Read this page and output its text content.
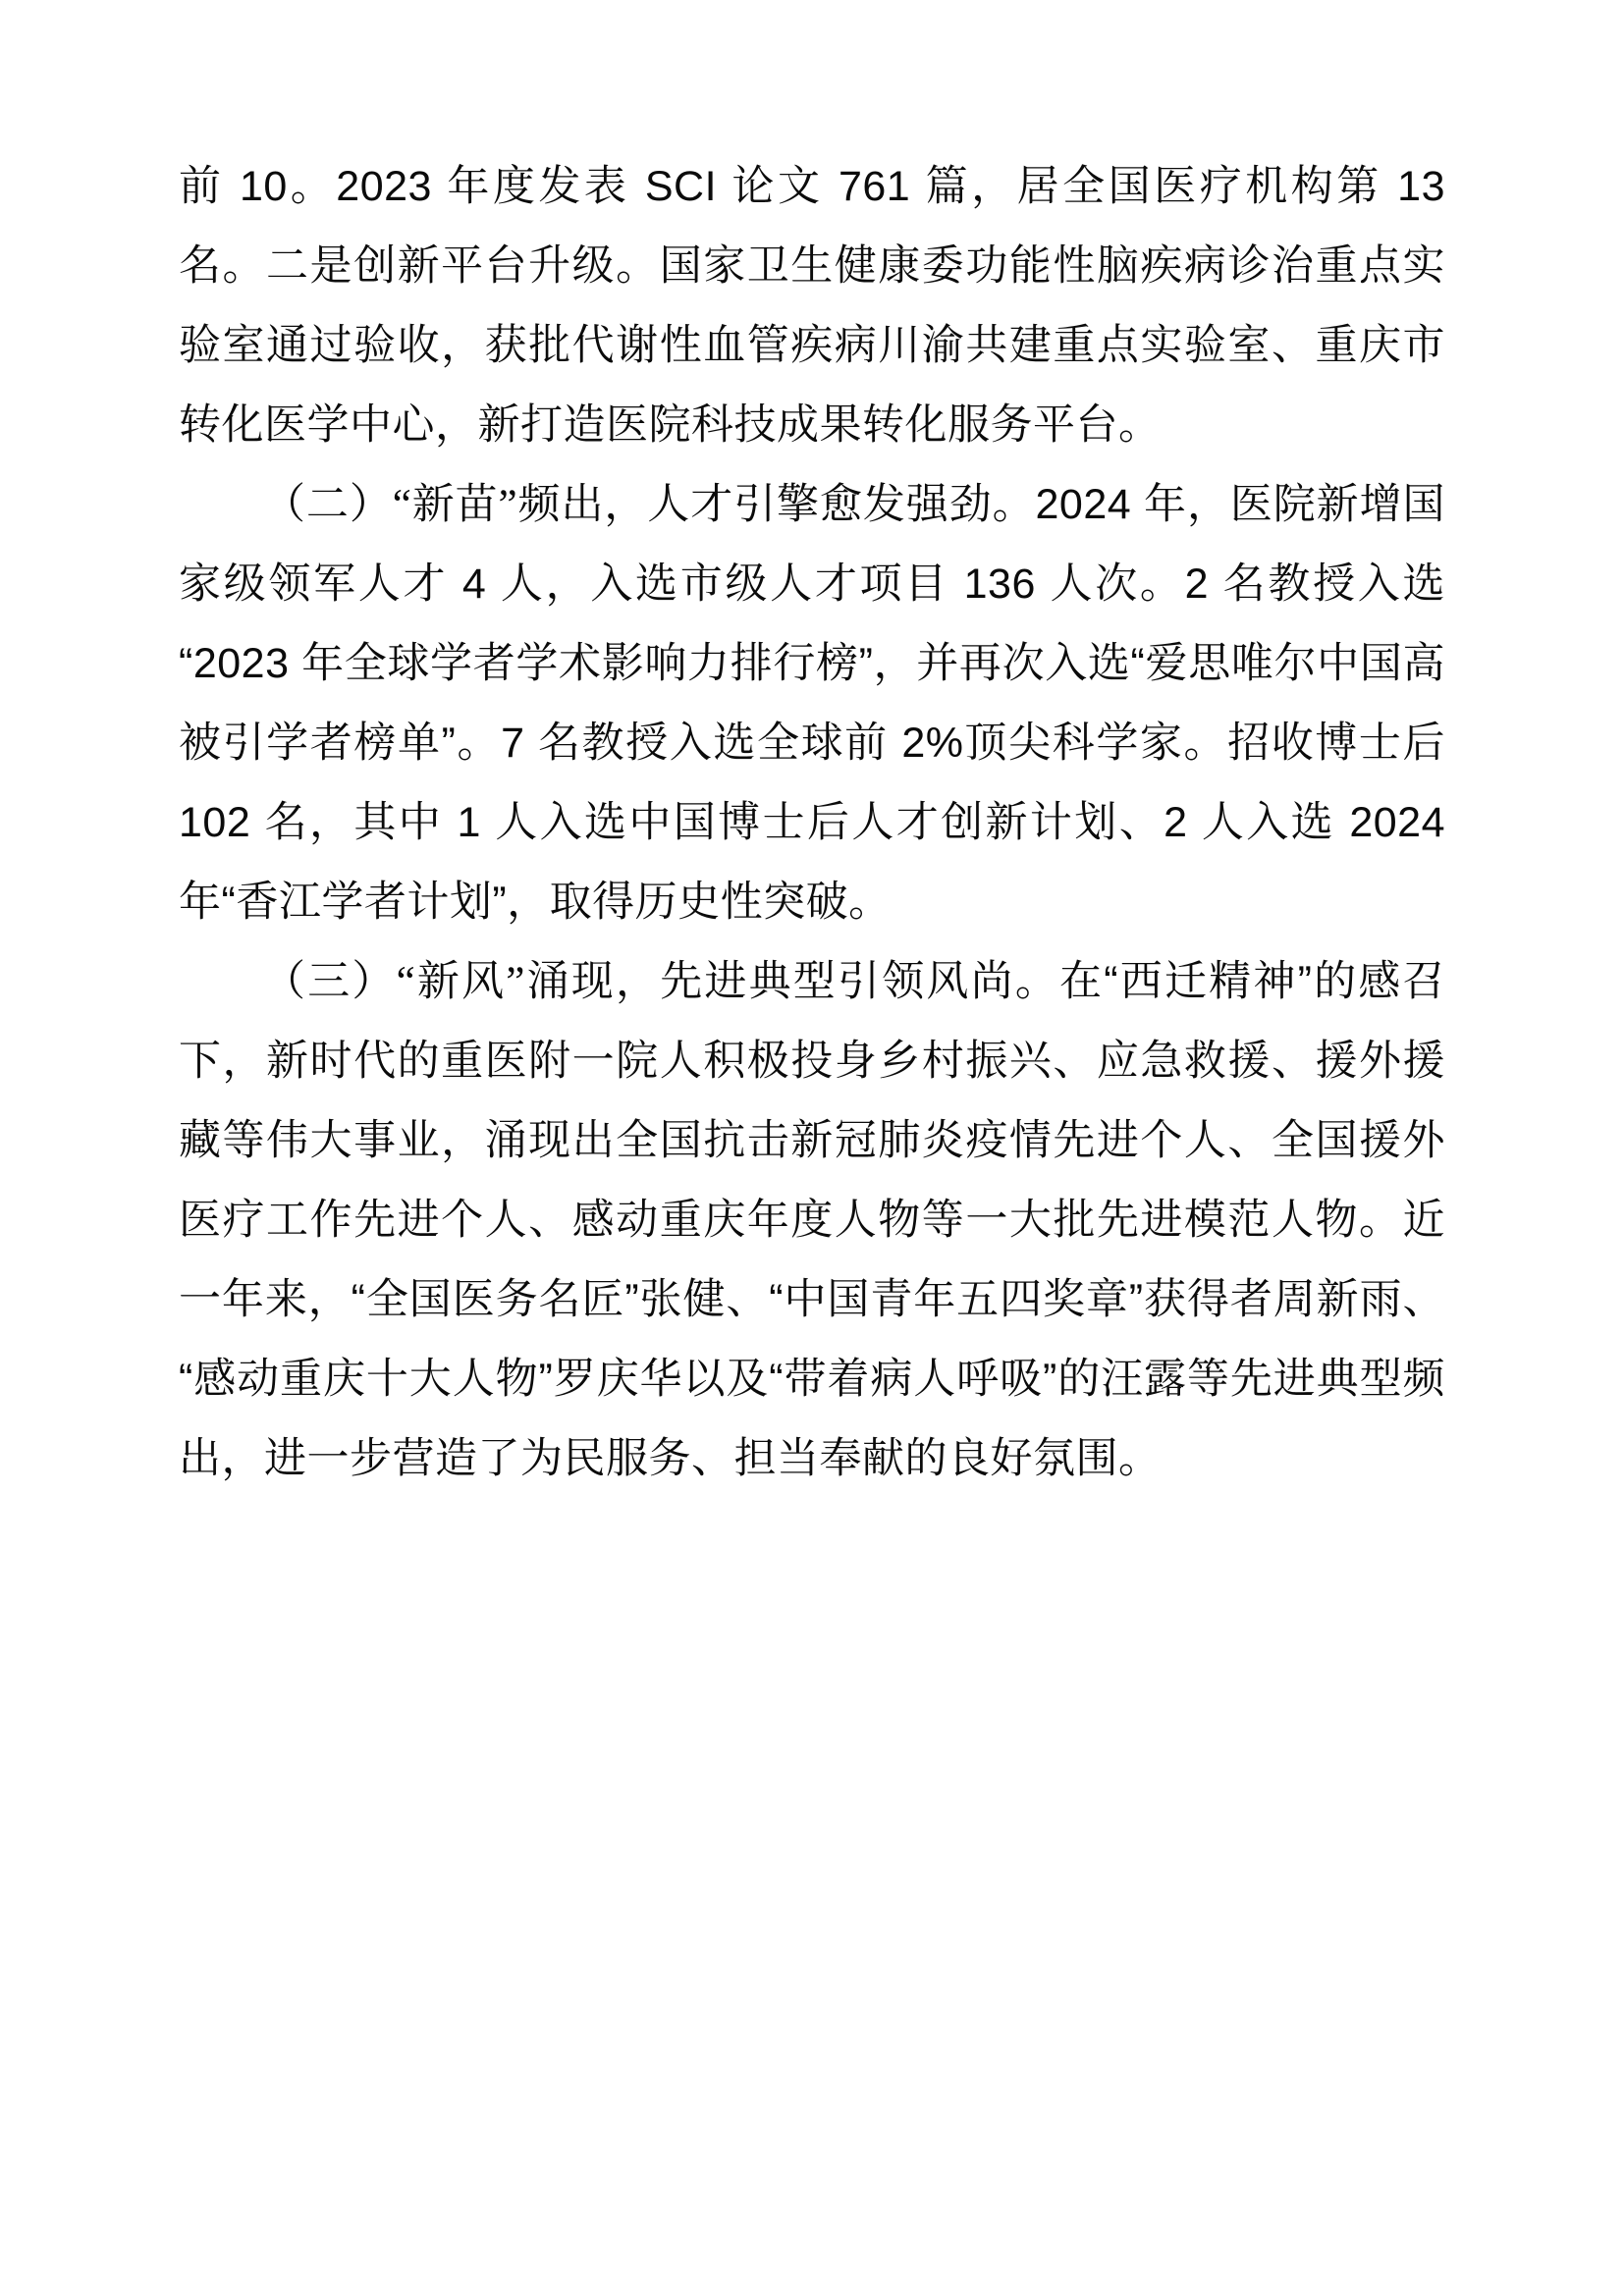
前 10。2023 年度发表 SCI 论文 761 篇，居全国医疗机构第 13 名。二是创新平台升级。国家卫生健康委功能性脑疾病诊治重点实验室通过验收，获批代谢性血管疾病川渝共建重点实验室、重庆市转化医学中心，新打造医院科技成果转化服务平台。

（二）“新苗”频出，人才引擎愈发强劲。2024 年，医院新增国家级领军人才 4 人，入选市级人才项目 136 人次。2 名教授入选“2023 年全球学者学术影响力排行榜”，并再次入选“爱思唯尔中国高被引学者榜单”。7 名教授入选全球前 2%顶尖科学家。招收博士后 102 名，其中 1 人入选中国博士后人才创新计划、2 人入选 2024 年“香江学者计划”，取得历史性突破。

（三）“新风”涌现，先进典型引领风尚。在“西迁精神”的感召下，新时代的重医附一院人积极投身乡村振兴、应急救援、援外援藏等伟大事业，涌现出全国抗击新冠肺炎疫情先进个人、全国援外医疗工作先进个人、感动重庆年度人物等一大批先进模范人物。近一年来，“全国医务名匠”张健、“中国青年五四奖章”获得者周新雨、“感动重庆十大人物”罗庆华以及“带着病人呼吸”的汪露等先进典型频出，进一步营造了为民服务、担当奉献的良好氛围。
